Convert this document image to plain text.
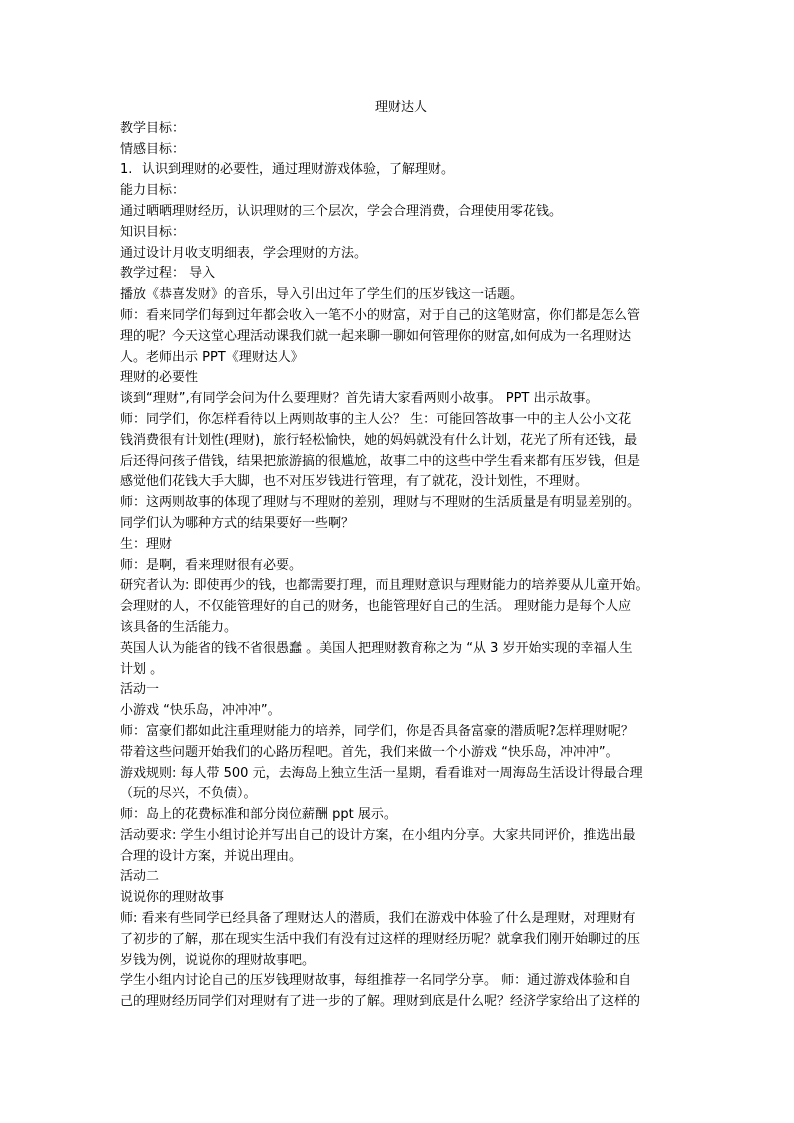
理财达人
教学目标：
情感目标：
1. 认识到理财的必要性，通过理财游戏体验，了解理财。
能力目标：
通过晒晒理财经历，认识理财的三个层次，学会合理消费，合理使用零花钱。
知识目标：
通过设计月收支明细表，学会理财的方法。
教学过程： 导入
播放《恭喜发财》的音乐，导入引出过年了学生们的压岁钱这一话题。
师：看来同学们每到过年都会收入一笔不小的财富，对于自己的这笔财富，你们都是怎么管
理的呢？今天这堂心理活动课我们就一起来聊一聊如何管理你的财富,如何成为一名理财达
人。老师出示 PPT《理财达人》
理财的必要性
谈到“理财”,有同学会问为什么要理财？首先请大家看两则小故事。 PPT 出示故事。
师：同学们，你怎样看待以上两则故事的主人公？ 生：可能回答故事一中的主人公小文花
钱消费很有计划性(理财)，旅行轻松愉快，她的妈妈就没有什么计划，花光了所有还钱，最
后还得问孩子借钱，结果把旅游搞的很尴尬，故事二中的这些中学生看来都有压岁钱，但是
感觉他们花钱大手大脚，也不对压岁钱进行管理，有了就花，没计划性，不理财。
师：这两则故事的体现了理财与不理财的差别，理财与不理财的生活质量是有明显差别的。
同学们认为哪种方式的结果要好一些啊？
生：理财
师：是啊，看来理财很有必要。
研究者认为: 即使再少的钱，也都需要打理，而且理财意识与理财能力的培养要从儿童开始。
会理财的人，不仅能管理好的自己的财务，也能管理好自己的生活。 理财能力是每个人应
该具备的生活能力。
英国人认为能省的钱不省很愚蠢 。美国人把理财教育称之为 “从 3 岁开始实现的幸福人生
计划 。
活动一
小游戏 “快乐岛，冲冲冲”。
师：富豪们都如此注重理财能力的培养，同学们，你是否具备富豪的潜质呢?怎样理财呢？
带着这些问题开始我们的心路历程吧。首先，我们来做一个小游戏 “快乐岛，冲冲冲”。
游戏规则: 每人带 500 元，去海岛上独立生活一星期，看看谁对一周海岛生活设计得最合理
（玩的尽兴，不负债）。
师：岛上的花费标准和部分岗位薪酬 ppt 展示。
活动要求: 学生小组讨论并写出自己的设计方案，在小组内分享。大家共同评价，推选出最
合理的设计方案，并说出理由。
活动二
说说你的理财故事
师: 看来有些同学已经具备了理财达人的潜质，我们在游戏中体验了什么是理财，对理财有
了初步的了解，那在现实生活中我们有没有过这样的理财经历呢？就拿我们刚开始聊过的压
岁钱为例，说说你的理财故事吧。
学生小组内讨论自己的压岁钱理财故事，每组推荐一名同学分享。 师：通过游戏体验和自
己的理财经历同学们对理财有了进一步的了解。理财到底是什么呢？经济学家给出了这样的
